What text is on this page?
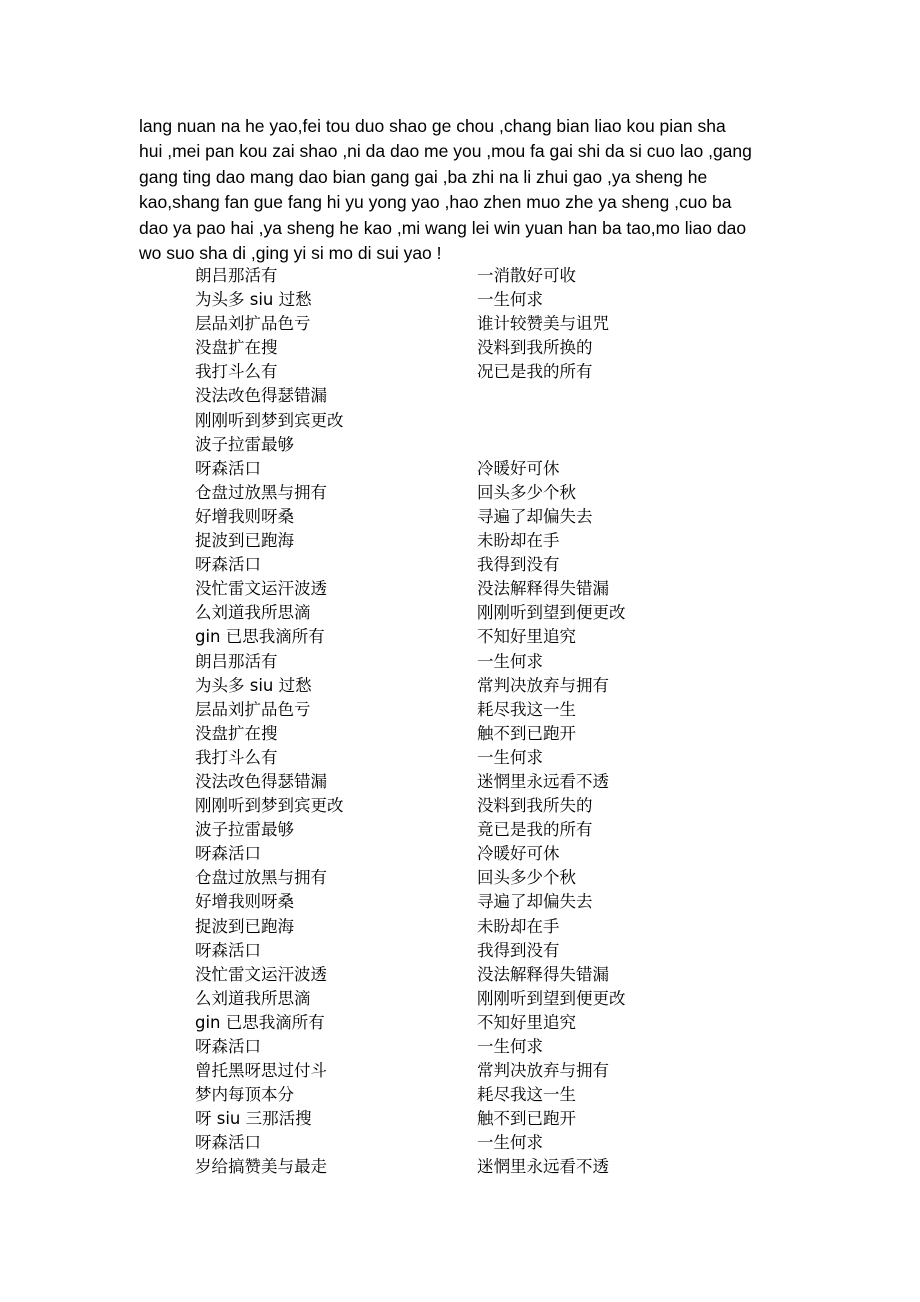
lang nuan na he yao,fei tou duo shao ge chou ,chang bian liao kou pian sha
hui ,mei pan kou zai shao ,ni da dao me you ,mou fa gai shi da si cuo lao ,gang
gang ting dao mang dao bian gang gai ,ba zhi na li zhui gao ,ya sheng he
kao,shang fan gue fang hi yu yong yao ,hao zhen muo zhe ya sheng ,cuo ba
dao ya pao hai ,ya sheng he kao ,mi wang lei win yuan han ba tao,mo liao dao
wo suo sha di ,ging yi si mo di sui yao !

朗吕那活有	一消散好可收
为头多 siu 过愁	一生何求
层品刘扩品色亏	谁计较赞美与诅咒
没盘扩在搜	没料到我所换的
我打斗么有	况已是我的所有
没法改色得瑟错漏
刚刚听到梦到宾更改
波子拉雷最够
呀森活口	冷暖好可休
仓盘过放黑与拥有	回头多少个秋
好增我则呀桑	寻遍了却偏失去
捉波到已跑海	未盼却在手
呀森活口	我得到没有
没忙雷文运汗波透	没法解释得失错漏
么刘道我所思滴	刚刚听到望到便更改
gin 已思我滴所有	不知好里追究
朗吕那活有	一生何求
为头多 siu 过愁	常判决放弃与拥有
层品刘扩品色亏	耗尽我这一生
没盘扩在搜	触不到已跑开
我打斗么有	一生何求
没法改色得瑟错漏	迷惘里永远看不透
刚刚听到梦到宾更改	没料到我所失的
波子拉雷最够	竟已是我的所有
呀森活口	冷暖好可休
仓盘过放黑与拥有	回头多少个秋
好增我则呀桑	寻遍了却偏失去
捉波到已跑海	未盼却在手
呀森活口	我得到没有
没忙雷文运汗波透	没法解释得失错漏
么刘道我所思滴	刚刚听到望到便更改
gin 已思我滴所有	不知好里追究
呀森活口	一生何求
曾托黑呀思过付斗	常判决放弃与拥有
梦内每顶本分	耗尽我这一生
呀 siu 三那活搜	触不到已跑开
呀森活口	一生何求
岁给搞赞美与最走	迷惘里永远看不透
